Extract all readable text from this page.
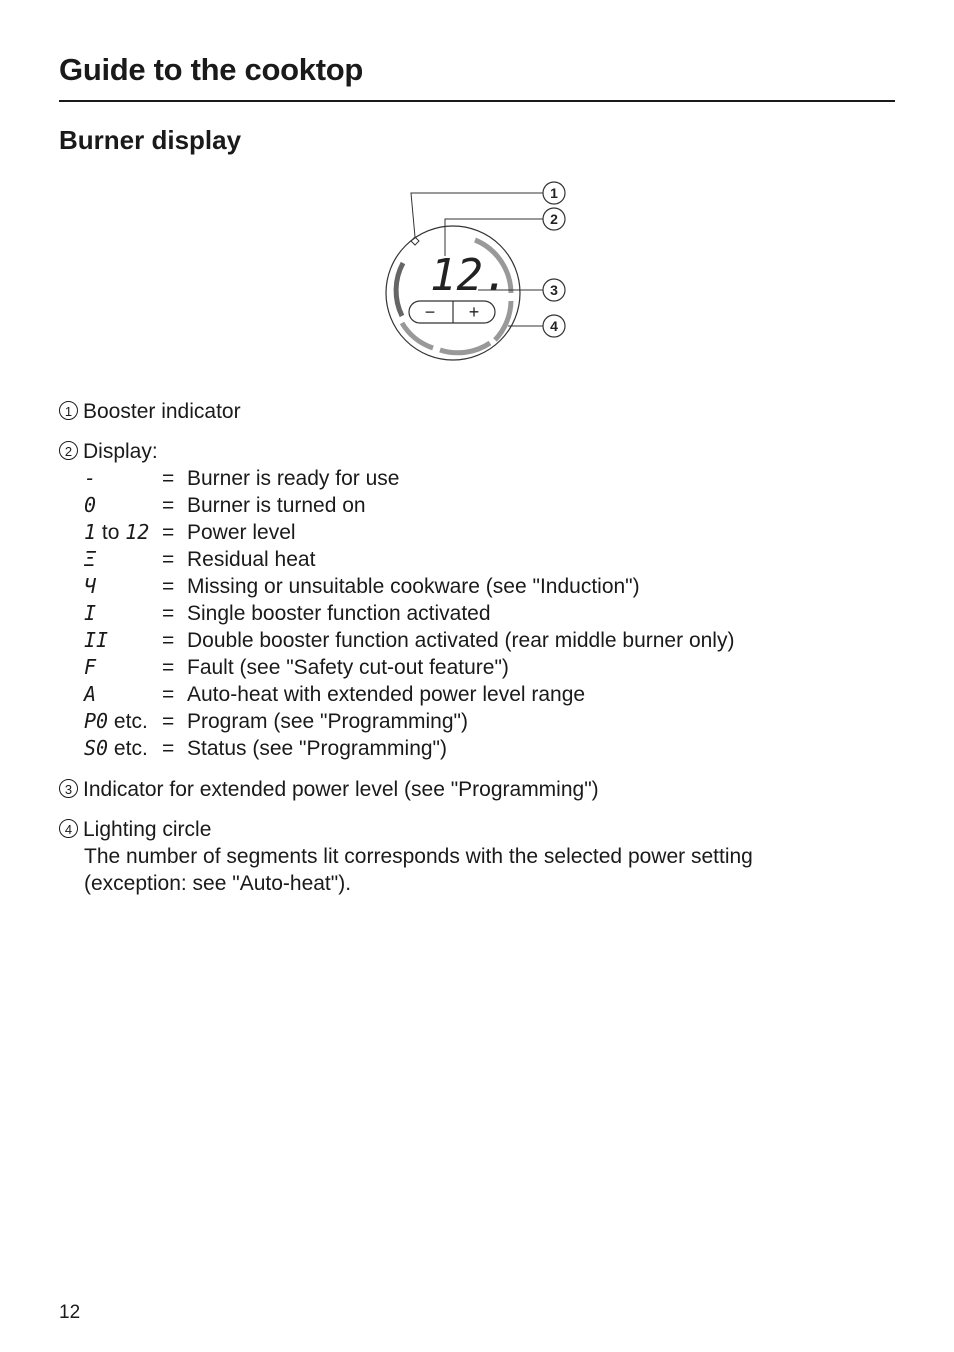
Guide to the cooktop
Burner display
12.
− +
1
2
3
4
1 Booster indicator
2 Display:
-	= Burner is ready for use
0	= Burner is turned on
1 to 12 = Power level
Ξ	= Residual heat
Ч	= Missing or unsuitable cookware (see "Induction")
I	= Single booster function activated
II	= Double booster function activated (rear middle burner only)
F	= Fault (see "Safety cut-out feature")
A	= Auto-heat with extended power level range
P0 etc. = Program (see "Programming")
S0 etc. = Status (see "Programming")
3 Indicator for extended power level (see "Programming")
4 Lighting circle
The number of segments lit corresponds with the selected power setting
(exception: see "Auto-heat").
12
